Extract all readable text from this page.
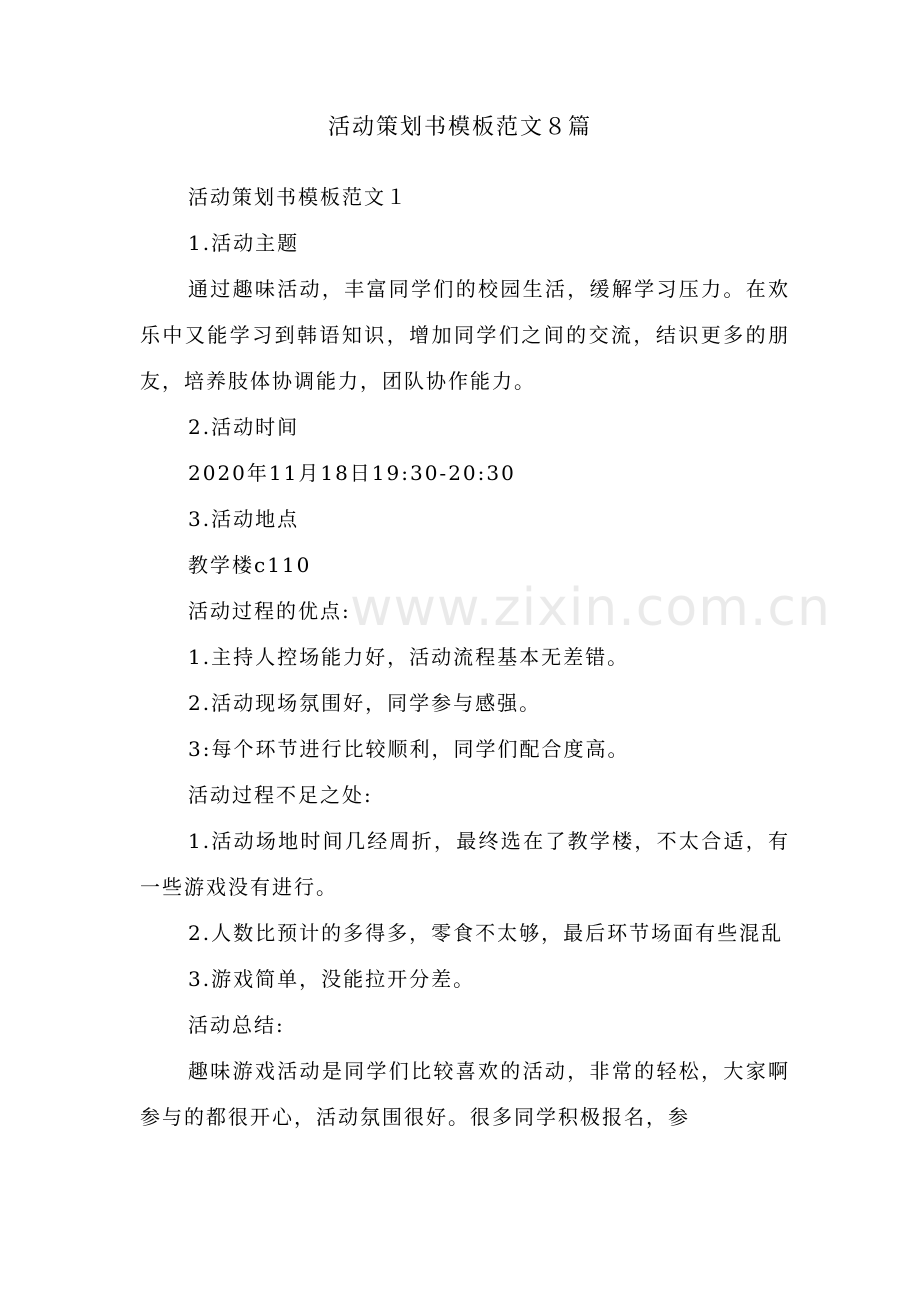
活动策划书模板范文８篇

活动策划书模板范文１

1.活动主题

通过趣味活动，丰富同学们的校园生活，缓解学习压力。在欢乐中又能学习到韩语知识，增加同学们之间的交流，结识更多的朋友，培养肢体协调能力，团队协作能力。

2.活动时间

2020年11月18日19:30-20:30

3.活动地点

教学楼c110

活动过程的优点:

1.主持人控场能力好，活动流程基本无差错。

2.活动现场氛围好，同学参与感强。

3:每个环节进行比较顺利，同学们配合度高。

活动过程不足之处:

1.活动场地时间几经周折，最终选在了教学楼，不太合适，有一些游戏没有进行。

2.人数比预计的多得多，零食不太够，最后环节场面有些混乱

3.游戏简单，没能拉开分差。

活动总结:

趣味游戏活动是同学们比较喜欢的活动，非常的轻松，大家啊参与的都很开心，活动氛围很好。很多同学积极报名，参

www.zixin.com.cn
